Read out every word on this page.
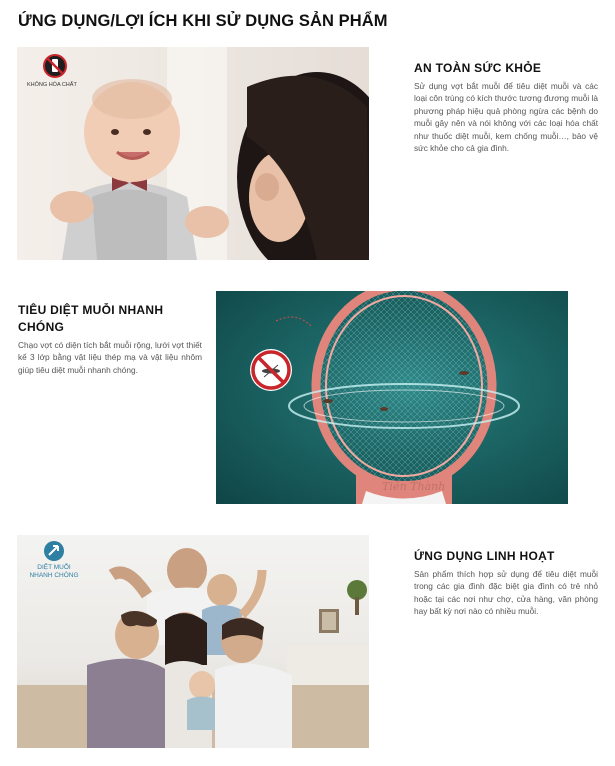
ỨNG DỤNG/LỢI ÍCH KHI SỬ DỤNG SẢN PHẨM
KHÔNG HÓA CHẤT
AN TOÀN SỨC KHỎE
Sử dụng vợt bắt muỗi để tiêu diệt muỗi và các loại côn trùng có kích thước tương đương muỗi là phương pháp hiệu quả phòng ngừa các bệnh do muỗi gây nên và nói không với các loại hóa chất như thuốc diệt muỗi, kem chống muỗi…, bảo vệ sức khỏe cho cả gia đình.
TIÊU DIỆT MUỖI NHANH CHÓNG
Chạo vợt có diện tích bắt muỗi rộng, lưới vợt thiết kế 3 lớp bằng vật liệu thép mạ và vật liệu nhôm giúp tiêu diệt muỗi nhanh chóng.
Tiến Thành
DIỆT MUỖI
NHANH CHÓNG
ỨNG DỤNG LINH HOẠT
Sản phẩm thích hợp sử dụng để tiêu diệt muỗi trong các gia đình đặc biệt gia đình có trẻ nhỏ hoặc tại các nơi như chợ, cửa hàng, văn phòng hay bất kỳ nơi nào có nhiều muỗi.
